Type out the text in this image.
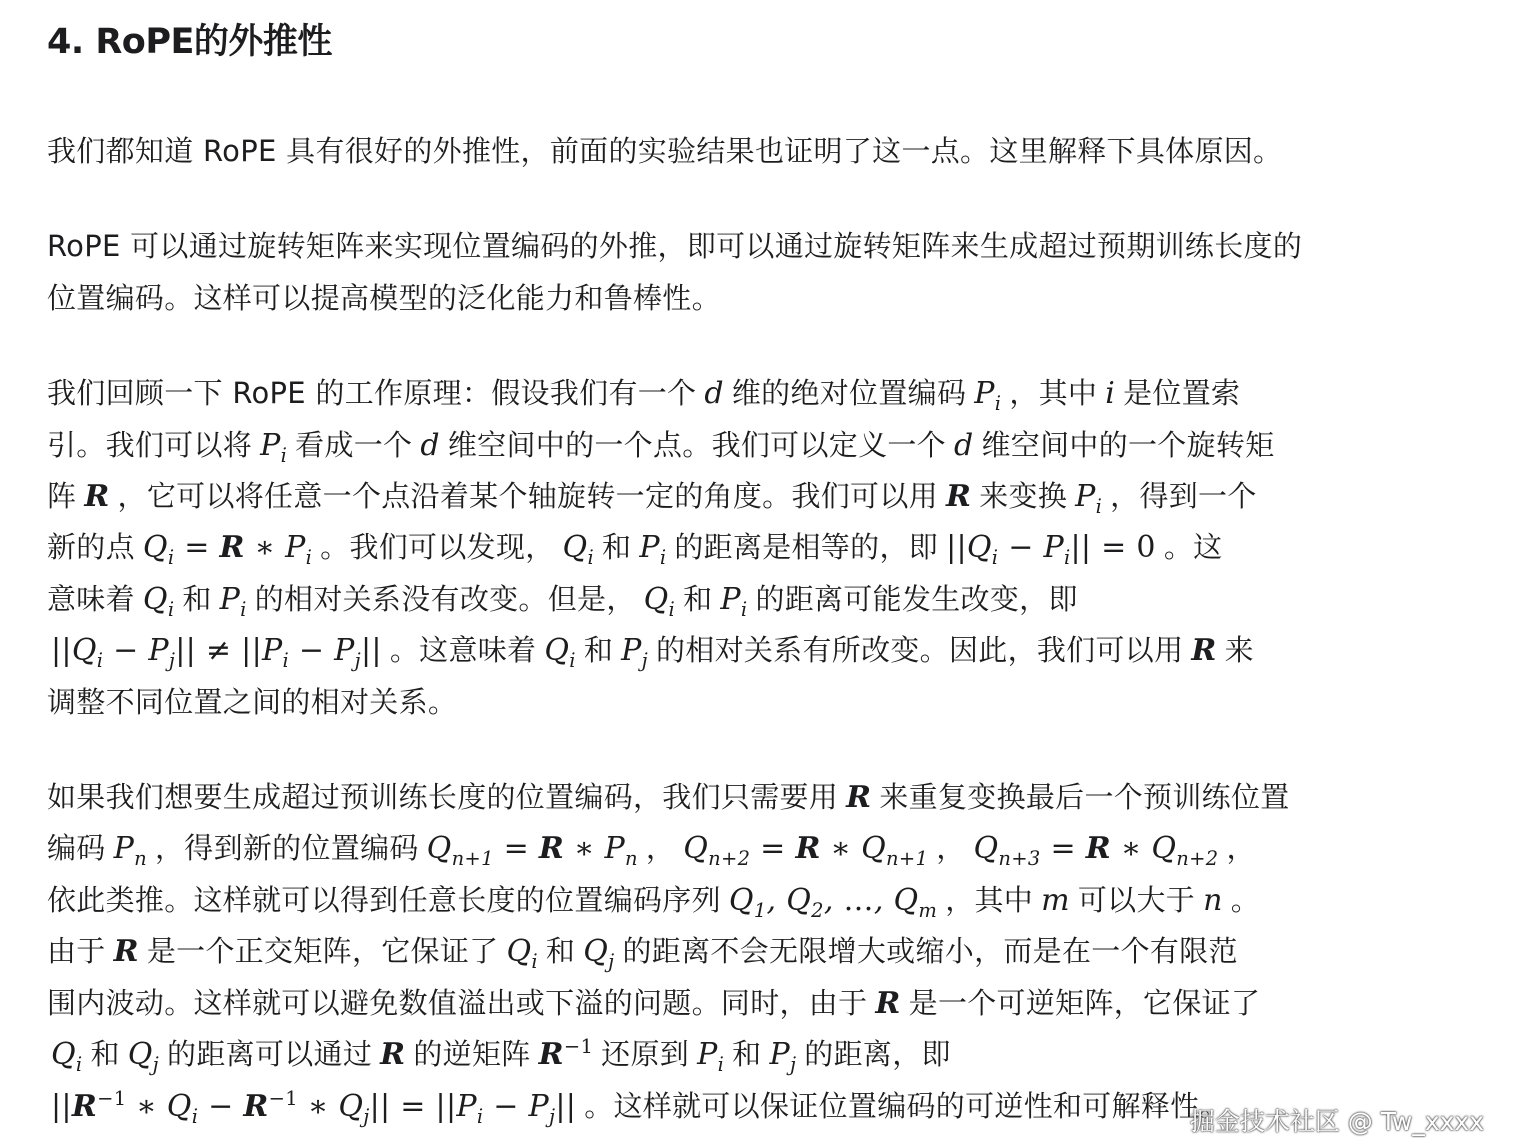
4. RoPE的外推性

我们都知道 RoPE 具有很好的外推性，前面的实验结果也证明了这一点。这里解释下具体原因。

RoPE 可以通过旋转矩阵来实现位置编码的外推，即可以通过旋转矩阵来生成超过预期训练长度的

位置编码。这样可以提高模型的泛化能力和鲁棒性。

我们回顾一下 RoPE 的工作原理：假设我们有一个 d 维的绝对位置编码 $P_i$ ，其中 i 是位置索

引。我们可以将 $P_i$ 看成一个 d 维空间中的一个点。我们可以定义一个 d 维空间中的一个旋转矩

阵 R ，它可以将任意一个点沿着某个轴旋转一定的角度。我们可以用 R 来变换 $P_i$ ，得到一个

新的点 $Q_i = R$ ∗ $P_i$ 。我们可以发现， $Q_i$ 和 $P_i$ 的距离是相等的，即 $||Q_i - P_i|| = 0$ 。这

意味着 $Q_i$ 和 $P_i$ 的相对关系没有改变。但是， $Q_i$ 和 $P_i$ 的距离可能发生改变，即

$||Q_i - P_j|| \ne ||P_i - P_j||$ 。这意味着 $Q_i$ 和 $P_j$ 的相对关系有所改变。因此，我们可以用 R 来

调整不同位置之间的相对关系。

如果我们想要生成超过预训练长度的位置编码，我们只需要用 R 来重复变换最后一个预训练位置

编码 $P_n$ ，得到新的位置编码 $Q_{n+1} = R$ ∗ $P_n$ ， $Q_{n+2} = R$ ∗ $Q_{n+1}$ ， $Q_{n+3} = R$ ∗ $Q_{n+2}$ ，

依此类推。这样就可以得到任意长度的位置编码序列 $Q_1$, $Q_2$, …, $Q_m$ ，其中 m 可以大于 n 。

由于 R 是一个正交矩阵，它保证了 $Q_i$ 和 $Q_j$ 的距离不会无限增大或缩小，而是在一个有限范

围内波动。这样就可以避免数值溢出或下溢的问题。同时，由于 R 是一个可逆矩阵，它保证了

$Q_i$ 和 $Q_j$ 的距离可以通过 R 的逆矩阵 $R^{-1}$ 还原到 $P_i$ 和 $P_j$ 的距离，即

$||R^{-1}$ ∗ $Q_i - R^{-1}$ ∗ $Q_j|| = ||P_i - P_j||$ 。这样就可以保证位置编码的可逆性和可解释性。

掘金技术社区 @ Tw_xxxx
